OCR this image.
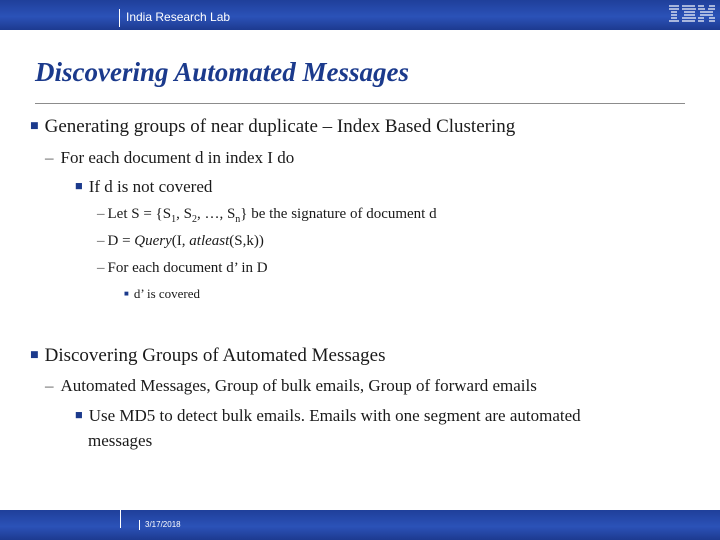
India Research Lab
Discovering Automated Messages
■ Generating groups of near duplicate – Index Based Clustering
– For each document d in index I do
■ If d is not covered
– Let $S = \{S_1$, $S_2$, …, $S_n$} be the signature of document d
– D = Query(I, atleast(S,k))
– For each document d’ in D
■ d’ is covered
■ Discovering Groups of Automated Messages
– Automated Messages, Group of bulk emails, Group of forward emails
■ Use MD5 to detect bulk emails. Emails with one segment are automated
messages
3/17/2018
